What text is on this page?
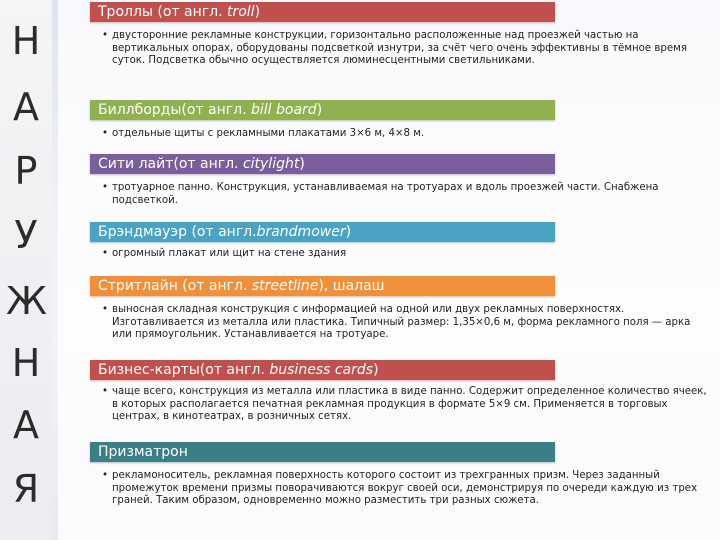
Н
А
Р
У
Ж
Н
А
Я
Троллы (от англ. troll)
• двусторонние рекламные конструкции, горизонтально расположенные над проезжей частью на вертикальных опорах, оборудованы подсветкой изнутри, за счёт чего очень эффективны в тёмное время суток. Подсветка обычно осуществляется люминесцентными светильниками.
Биллборды(от англ. bill board)
• отдельные щиты с рекламными плакатами 3×6 м, 4×8 м.
Сити лайт(от англ. citylight)
• тротуарное панно. Конструкция, устанавливаемая на тротуарах и вдоль проезжей части. Снабжена подсветкой.
Брэндмауэр (от англ.brandmower)
• огромный плакат или щит на стене здания
Стритлайн (от англ. streetline), шалаш
• выносная складная конструкция с информацией на одной или двух рекламных поверхностях. Изготавливается из металла или пластика. Типичный размер: 1,35×0,6 м, форма рекламного поля — арка или прямоугольник. Устанавливается на тротуаре.
Бизнес-карты(от англ. business cards)
• чаще всего, конструкция из металла или пластика в виде панно. Содержит определенное количество ячеек, в которых располагается печатная рекламная продукция в формате 5×9 см. Применяется в торговых центрах, в кинотеатрах, в розничных сетях.
Призматрон
• рекламоноситель, рекламная поверхность которого состоит из трехгранных призм. Через заданный промежуток времени призмы поворачиваются вокруг своей оси, демонстрируя по очереди каждую из трех граней. Таким образом, одновременно можно разместить три разных сюжета.
